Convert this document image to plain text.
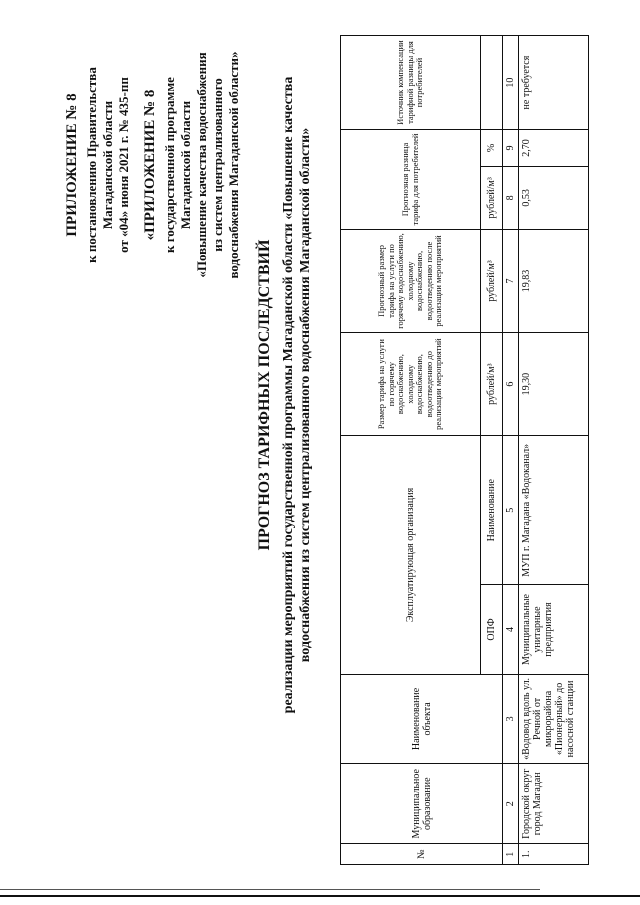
ПРИЛОЖЕНИЕ № 8 к постановлению Правительства Магаданской области от «04» июня 2021 г. № 435-пп «ПРИЛОЖЕНИЕ № 8 к государственной программе Магаданской области «Повышение качества водоснабжения из систем централизованного водоснабжения Магаданской области»
ПРОГНОЗ ТАРИФНЫХ ПОСЛЕДСТВИЙ реализации мероприятий государственной программы Магаданской области «Повышение качества водоснабжения из систем централизованного водоснабжения Магаданской области»
№	Муниципальное образование	Наименование объекта	Эксплуатирующая организация		Размер тарифа на услуги по горячему водоснабжению, холодному водоснабжению, водоотведению до реализации мероприятий	Прогнозный размер тарифа на услуги по горячему водоснабжению, холодному водоснабжению, водоотведению после реализации мероприятий	Прогнозная разница тарифа для потребителей		Источник компенсации тарифной разницы для потребителей
			ОПФ	Наименование	рублей/м³	рублей/м³	рублей/м³	%	
1	2	3	4	5	6	7	8	9	10
1.	Городской округ город Магадан	«Водовод вдоль ул. Речной от микрорайона «Пионерный» до насосной станции	Муниципальные унитарные предприятия	МУП г. Магадана «Водоканал»	19,30	19,83	0,53	2,70	не требуется
